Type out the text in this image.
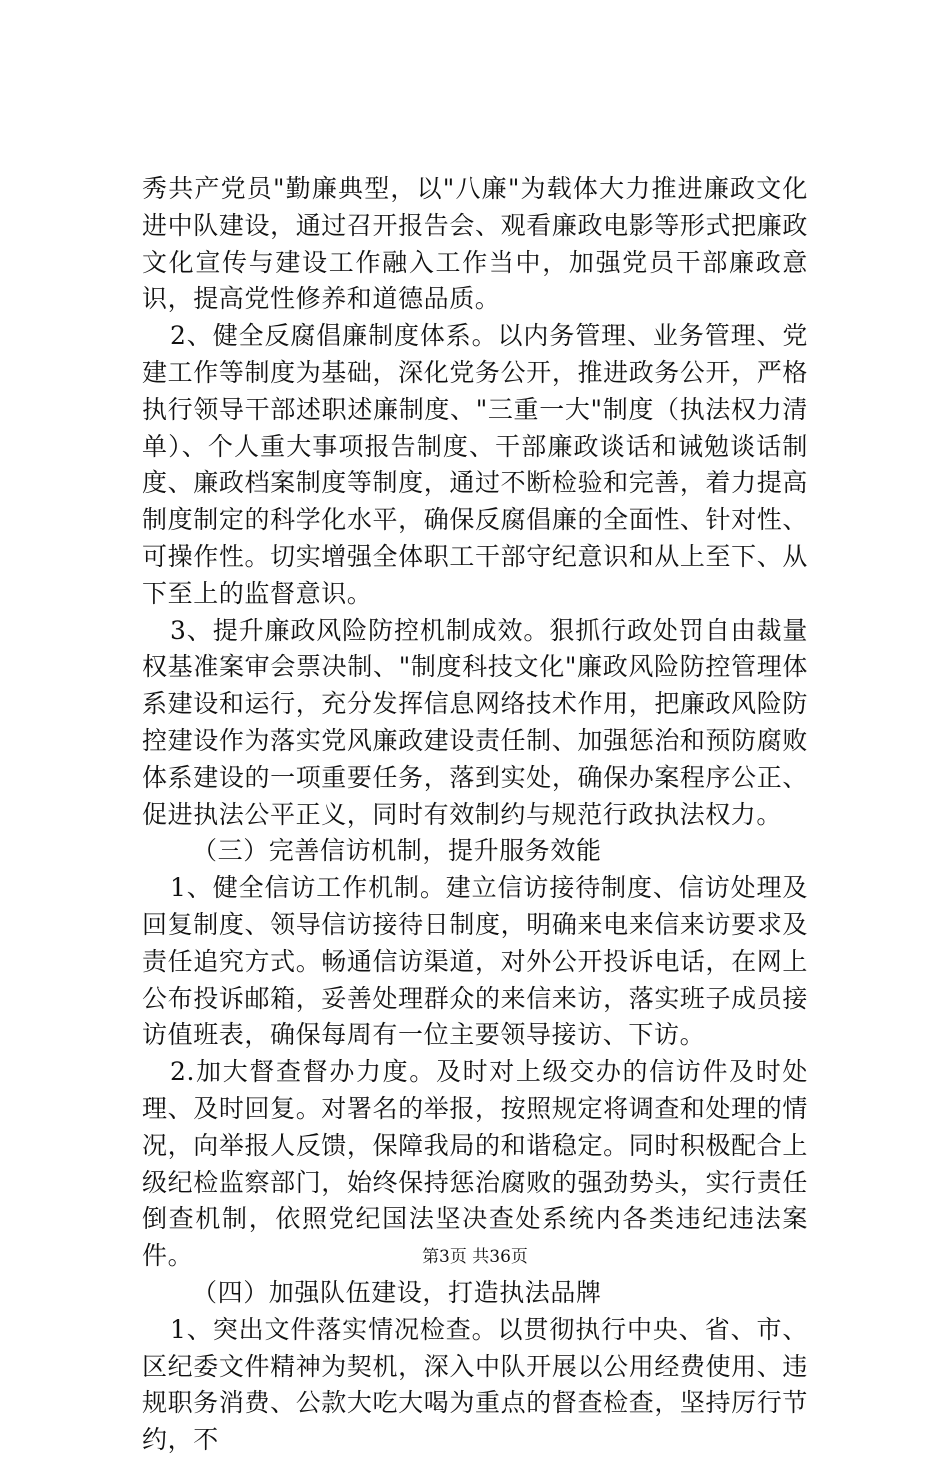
秀共产党员"勤廉典型，以"八廉"为载体大力推进廉政文化进中队建设，通过召开报告会、观看廉政电影等形式把廉政文化宣传与建设工作融入工作当中，加强党员干部廉政意识，提高党性修养和道德品质。

2、健全反腐倡廉制度体系。以内务管理、业务管理、党建工作等制度为基础，深化党务公开，推进政务公开，严格执行领导干部述职述廉制度、"三重一大"制度（执法权力清单）、个人重大事项报告制度、干部廉政谈话和诫勉谈话制度、廉政档案制度等制度，通过不断检验和完善，着力提高制度制定的科学化水平，确保反腐倡廉的全面性、针对性、可操作性。切实增强全体职工干部守纪意识和从上至下、从下至上的监督意识。

3、提升廉政风险防控机制成效。狠抓行政处罚自由裁量权基准案审会票决制、"制度科技文化"廉政风险防控管理体系建设和运行，充分发挥信息网络技术作用，把廉政风险防控建设作为落实党风廉政建设责任制、加强惩治和预防腐败体系建设的一项重要任务，落到实处，确保办案程序公正、促进执法公平正义，同时有效制约与规范行政执法权力。

（三）完善信访机制，提升服务效能

1、健全信访工作机制。建立信访接待制度、信访处理及回复制度、领导信访接待日制度，明确来电来信来访要求及责任追究方式。畅通信访渠道，对外公开投诉电话，在网上公布投诉邮箱，妥善处理群众的来信来访，落实班子成员接访值班表，确保每周有一位主要领导接访、下访。

2.加大督查督办力度。及时对上级交办的信访件及时处理、及时回复。对署名的举报，按照规定将调查和处理的情况，向举报人反馈，保障我局的和谐稳定。同时积极配合上级纪检监察部门，始终保持惩治腐败的强劲势头，实行责任倒查机制，依照党纪国法坚决查处系统内各类违纪违法案件。

（四）加强队伍建设，打造执法品牌

1、突出文件落实情况检查。以贯彻执行中央、省、市、区纪委文件精神为契机，深入中队开展以公用经费使用、违规职务消费、公款大吃大喝为重点的督查检查，坚持厉行节约，不

第3页 共36页
